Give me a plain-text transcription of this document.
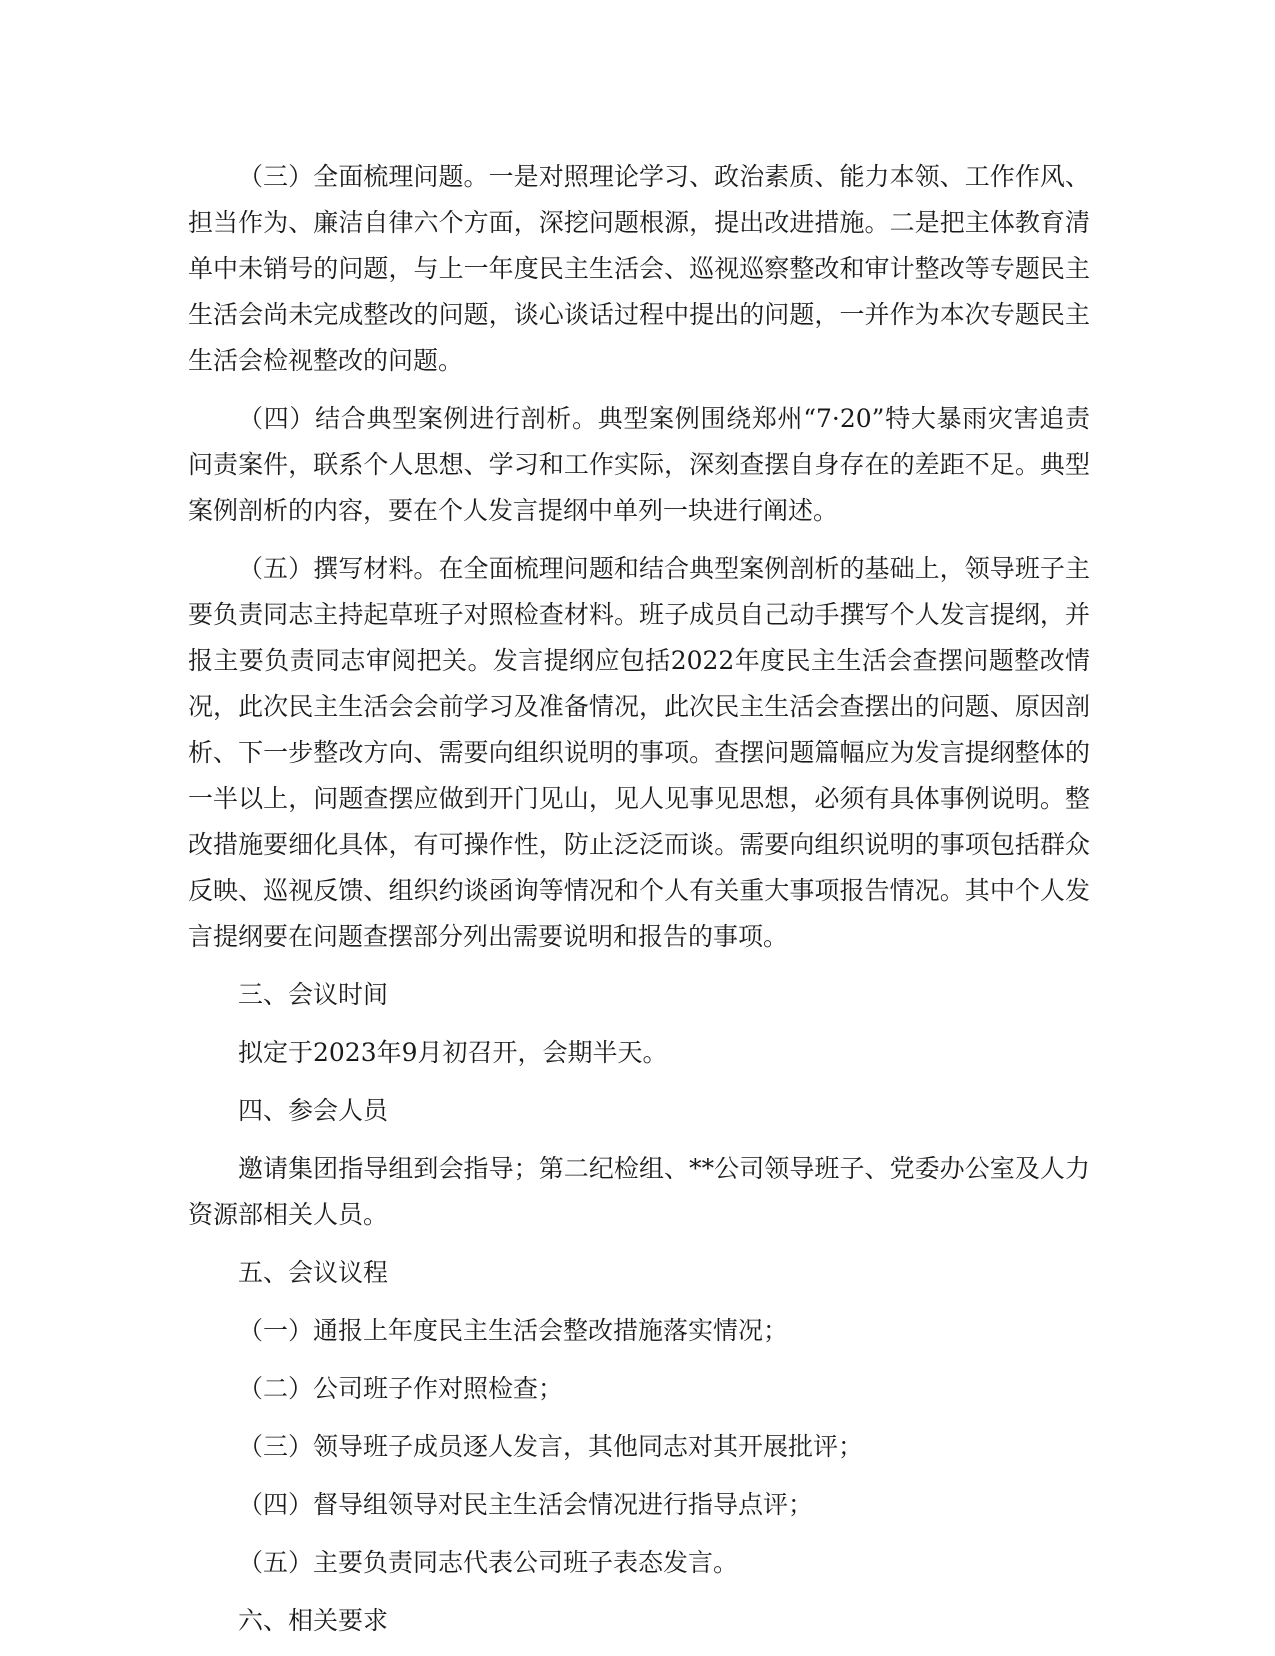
（三）全面梳理问题。一是对照理论学习、政治素质、能力本领、工作作风、担当作为、廉洁自律六个方面，深挖问题根源，提出改进措施。二是把主体教育清单中未销号的问题，与上一年度民主生活会、巡视巡察整改和审计整改等专题民主生活会尚未完成整改的问题，谈心谈话过程中提出的问题，一并作为本次专题民主生活会检视整改的问题。

（四）结合典型案例进行剖析。典型案例围绕郑州“7·20”特大暴雨灾害追责问责案件，联系个人思想、学习和工作实际，深刻查摆自身存在的差距不足。典型案例剖析的内容，要在个人发言提纲中单列一块进行阐述。

（五）撰写材料。在全面梳理问题和结合典型案例剖析的基础上，领导班子主要负责同志主持起草班子对照检查材料。班子成员自己动手撰写个人发言提纲，并报主要负责同志审阅把关。发言提纲应包括2022年度民主生活会查摆问题整改情况，此次民主生活会会前学习及准备情况，此次民主生活会查摆出的问题、原因剖析、下一步整改方向、需要向组织说明的事项。查摆问题篇幅应为发言提纲整体的一半以上，问题查摆应做到开门见山，见人见事见思想，必须有具体事例说明。整改措施要细化具体，有可操作性，防止泛泛而谈。需要向组织说明的事项包括群众反映、巡视反馈、组织约谈函询等情况和个人有关重大事项报告情况。其中个人发言提纲要在问题查摆部分列出需要说明和报告的事项。

三、会议时间

拟定于2023年9月初召开，会期半天。

四、参会人员

邀请集团指导组到会指导；第二纪检组、**公司领导班子、党委办公室及人力资源部相关人员。

五、会议议程

（一）通报上年度民主生活会整改措施落实情况；

（二）公司班子作对照检查；

（三）领导班子成员逐人发言，其他同志对其开展批评；

（四）督导组领导对民主生活会情况进行指导点评；

（五）主要负责同志代表公司班子表态发言。

六、相关要求
